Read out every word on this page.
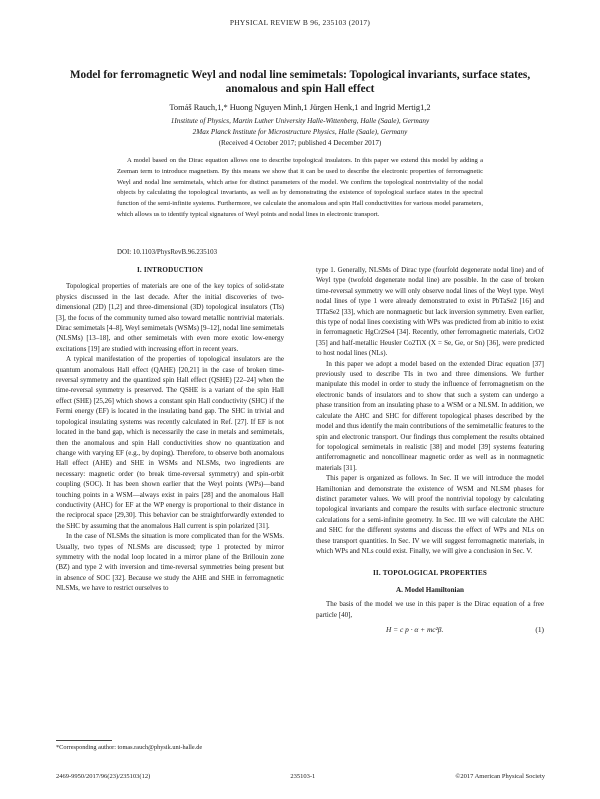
PHYSICAL REVIEW B 96, 235103 (2017)
Model for ferromagnetic Weyl and nodal line semimetals: Topological invariants, surface states, anomalous and spin Hall effect
Tomáš Rauch,1,* Huong Nguyen Minh,1 Jürgen Henk,1 and Ingrid Mertig1,2
1Institute of Physics, Martin Luther University Halle-Wittenberg, Halle (Saale), Germany
2Max Planck Institute for Microstructure Physics, Halle (Saale), Germany
(Received 4 October 2017; published 4 December 2017)
A model based on the Dirac equation allows one to describe topological insulators. In this paper we extend this model by adding a Zeeman term to introduce magnetism. By this means we show that it can be used to describe the electronic properties of ferromagnetic Weyl and nodal line semimetals, which arise for distinct parameters of the model. We confirm the topological nontriviality of the nodal objects by calculating the topological invariants, as well as by demonstrating the existence of topological surface states in the spectral function of the semi-infinite systems. Furthermore, we calculate the anomalous and spin Hall conductivities for various model parameters, which allows us to identify typical signatures of Weyl points and nodal lines in electronic transport.
DOI: 10.1103/PhysRevB.96.235103
I. INTRODUCTION

Topological properties of materials are one of the key topics of solid-state physics discussed in the last decade. After the initial discoveries of two-dimensional (2D) [1,2] and three-dimensional (3D) topological insulators (TIs) [3], the focus of the community turned also toward metallic nontrivial materials. Dirac semimetals [4–8], Weyl semimetals (WSMs) [9–12], nodal line semimetals (NLSMs) [13–18], and other semimetals with even more exotic low-energy excitations [19] are studied with increasing effort in recent years.

A typical manifestation of the properties of topological insulators are the quantum anomalous Hall effect (QAHE) [20,21] in the case of broken time-reversal symmetry and the quantized spin Hall effect (QSHE) [22–24] when the time-reversal symmetry is preserved. The QSHE is a variant of the spin Hall effect (SHE) [25,26] which shows a constant spin Hall conductivity (SHC) if the Fermi energy (EF) is located in the insulating band gap. The SHC in trivial and topological insulating systems was recently calculated in Ref. [27]. If EF is not located in the band gap, which is necessarily the case in metals and semimetals, then the anomalous and spin Hall conductivities show no quantization and change with varying EF (e.g., by doping). Therefore, to observe both anomalous Hall effect (AHE) and SHE in WSMs and NLSMs, two ingredients are necessary: magnetic order (to break time-reversal symmetry) and spin-orbit coupling (SOC). It has been shown earlier that the Weyl points (WPs)—band touching points in a WSM—always exist in pairs [28] and the anomalous Hall conductivity (AHC) for EF at the WP energy is proportional to their distance in the reciprocal space [29,30]. This behavior can be straightforwardly extended to the SHC by assuming that the anomalous Hall current is spin polarized [31].

In the case of NLSMs the situation is more complicated than for the WSMs. Usually, two types of NLSMs are discussed; type 1 protected by mirror symmetry with the nodal loop located in a mirror plane of the Brillouin zone (BZ) and type 2 with inversion and time-reversal symmetries being present but in absence of SOC [32]. Because we study the AHE and SHE in ferromagnetic NLSMs, we have to restrict ourselves to

type 1. Generally, NLSMs of Dirac type (fourfold degenerate nodal line) and of Weyl type (twofold degenerate nodal line) are possible. In the case of broken time-reversal symmetry we will only observe nodal lines of the Weyl type. Weyl nodal lines of type 1 were already demonstrated to exist in PbTaSe2 [16] and TlTaSe2 [33], which are nonmagnetic but lack inversion symmetry. Even earlier, this type of nodal lines coexisting with WPs was predicted from ab initio to exist in ferromagnetic HgCr2Se4 [34]. Recently, other ferromagnetic materials, CrO2 [35] and half-metallic Heusler Co2TiX (X = Se, Ge, or Sn) [36], were predicted to host nodal lines (NLs).

In this paper we adopt a model based on the extended Dirac equation [37] previously used to describe TIs in two and three dimensions. We further manipulate this model in order to study the influence of ferromagnetism on the electronic bands of insulators and to show that such a system can undergo a phase transition from an insulating phase to a WSM or a NLSM. In addition, we calculate the AHC and SHC for different topological phases described by the model and thus identify the main contributions of the semimetallic features to the spin and electronic transport. Our findings thus complement the results obtained for topological semimetals in realistic [38] and model [39] systems featuring antiferromagnetic and noncollinear magnetic order as well as in nonmagnetic materials [31].

This paper is organized as follows. In Sec. II we will introduce the model Hamiltonian and demonstrate the existence of WSM and NLSM phases for distinct parameter values. We will proof the nontrivial topology by calculating topological invariants and compare the results with surface electronic structure calculations for a semi-infinite geometry. In Sec. III we will calculate the AHC and SHC for the different systems and discuss the effect of WPs and NLs on these transport quantities. In Sec. IV we will suggest ferromagnetic materials, in which WPs and NLs could exist. Finally, we will give a conclusion in Sec. V.

II. TOPOLOGICAL PROPERTIES
A. Model Hamiltonian

The basis of the model we use in this paper is the Dirac equation of a free particle [40],

H = c p · α + mc²β.	(1)
*Corresponding author: tomas.rauch@physik.uni-halle.de
2469-9950/2017/96(23)/235103(12)	235103-1	©2017 American Physical Society
